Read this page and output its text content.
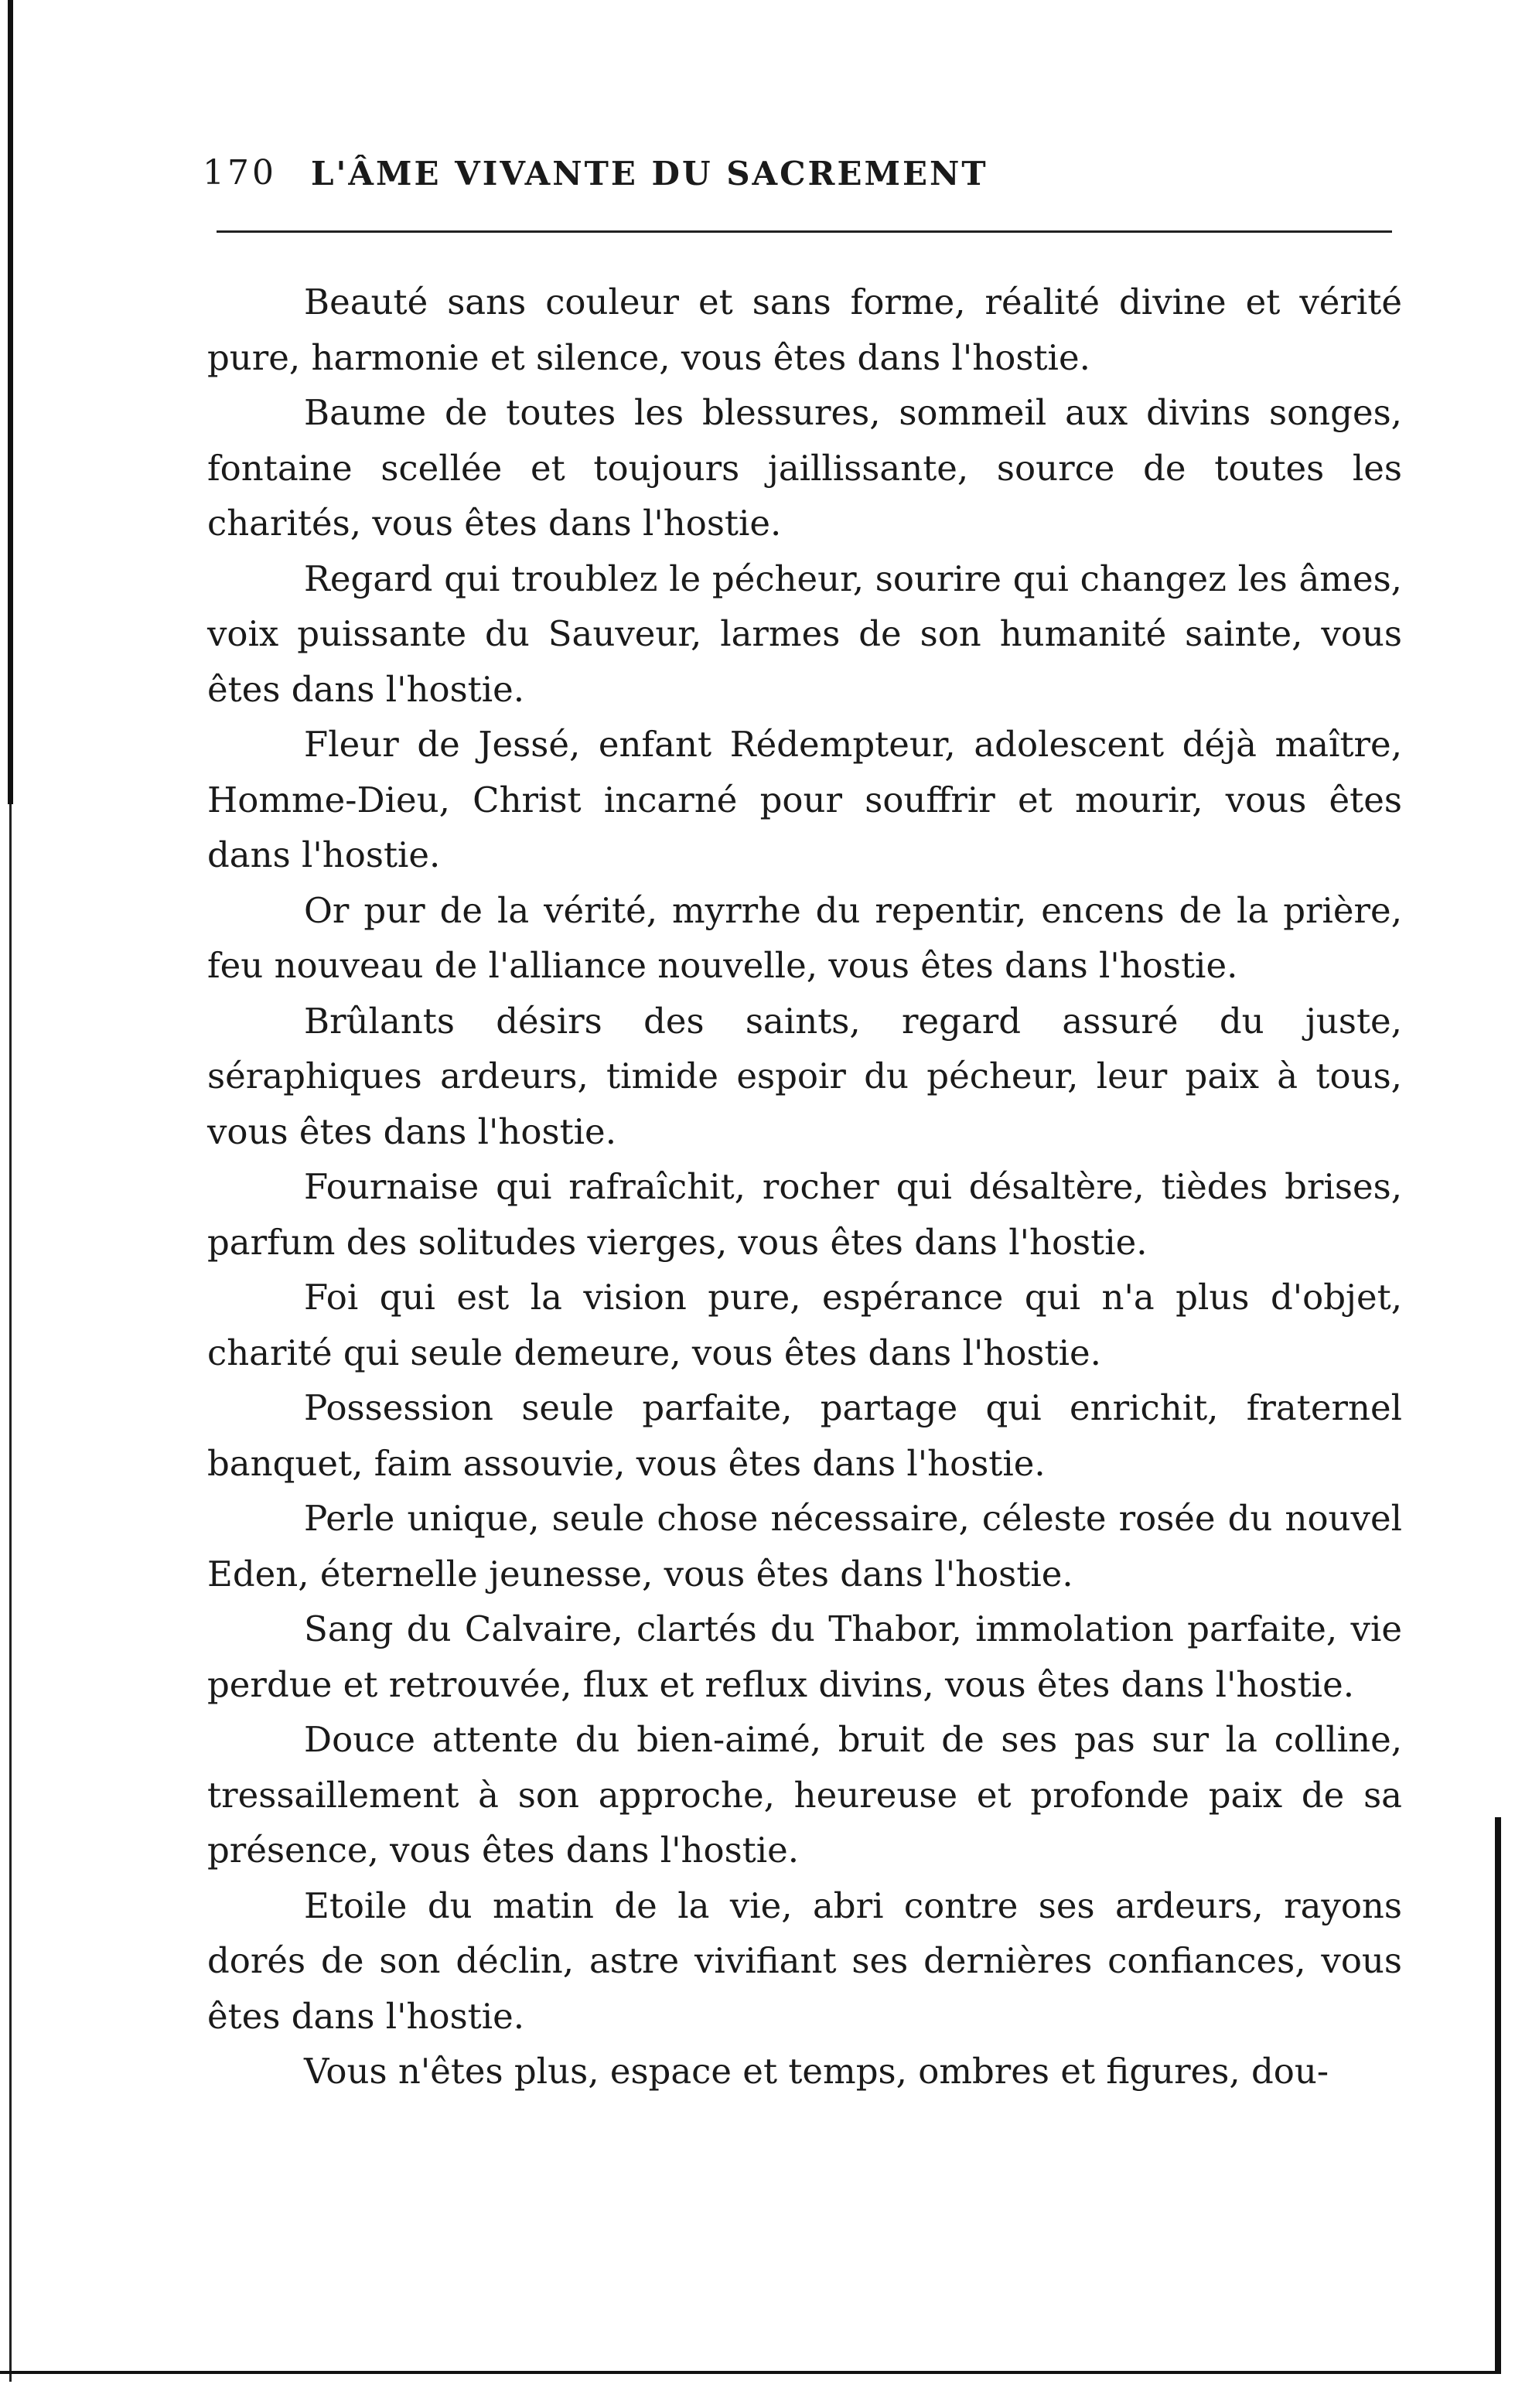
170 L'ÂME VIVANTE DU SACREMENT

Beauté sans couleur et sans forme, réalité divine et vérité pure, harmonie et silence, vous êtes dans l'hostie.

Baume de toutes les blessures, sommeil aux divins songes, fontaine scellée et toujours jaillissante, source de toutes les charités, vous êtes dans l'hostie.

Regard qui troublez le pécheur, sourire qui changez les âmes, voix puissante du Sauveur, larmes de son humanité sainte, vous êtes dans l'hostie.

Fleur de Jessé, enfant Rédempteur, adolescent déjà maître, Homme-Dieu, Christ incarné pour souffrir et mourir, vous êtes dans l'hostie.

Or pur de la vérité, myrrhe du repentir, encens de la prière, feu nouveau de l'alliance nouvelle, vous êtes dans l'hostie.

Brûlants désirs des saints, regard assuré du juste, séraphiques ardeurs, timide espoir du pécheur, leur paix à tous, vous êtes dans l'hostie.

Fournaise qui rafraîchit, rocher qui désaltère, tièdes brises, parfum des solitudes vierges, vous êtes dans l'hostie.

Foi qui est la vision pure, espérance qui n'a plus d'objet, charité qui seule demeure, vous êtes dans l'hostie.

Possession seule parfaite, partage qui enrichit, fraternel banquet, faim assouvie, vous êtes dans l'hostie.

Perle unique, seule chose nécessaire, céleste rosée du nouvel Eden, éternelle jeunesse, vous êtes dans l'hostie.

Sang du Calvaire, clartés du Thabor, immolation parfaite, vie perdue et retrouvée, flux et reflux divins, vous êtes dans l'hostie.

Douce attente du bien-aimé, bruit de ses pas sur la colline, tressaillement à son approche, heureuse et profonde paix de sa présence, vous êtes dans l'hostie.

Etoile du matin de la vie, abri contre ses ardeurs, rayons dorés de son déclin, astre vivifiant ses dernières confiances, vous êtes dans l'hostie.

Vous n'êtes plus, espace et temps, ombres et figures, dou-
